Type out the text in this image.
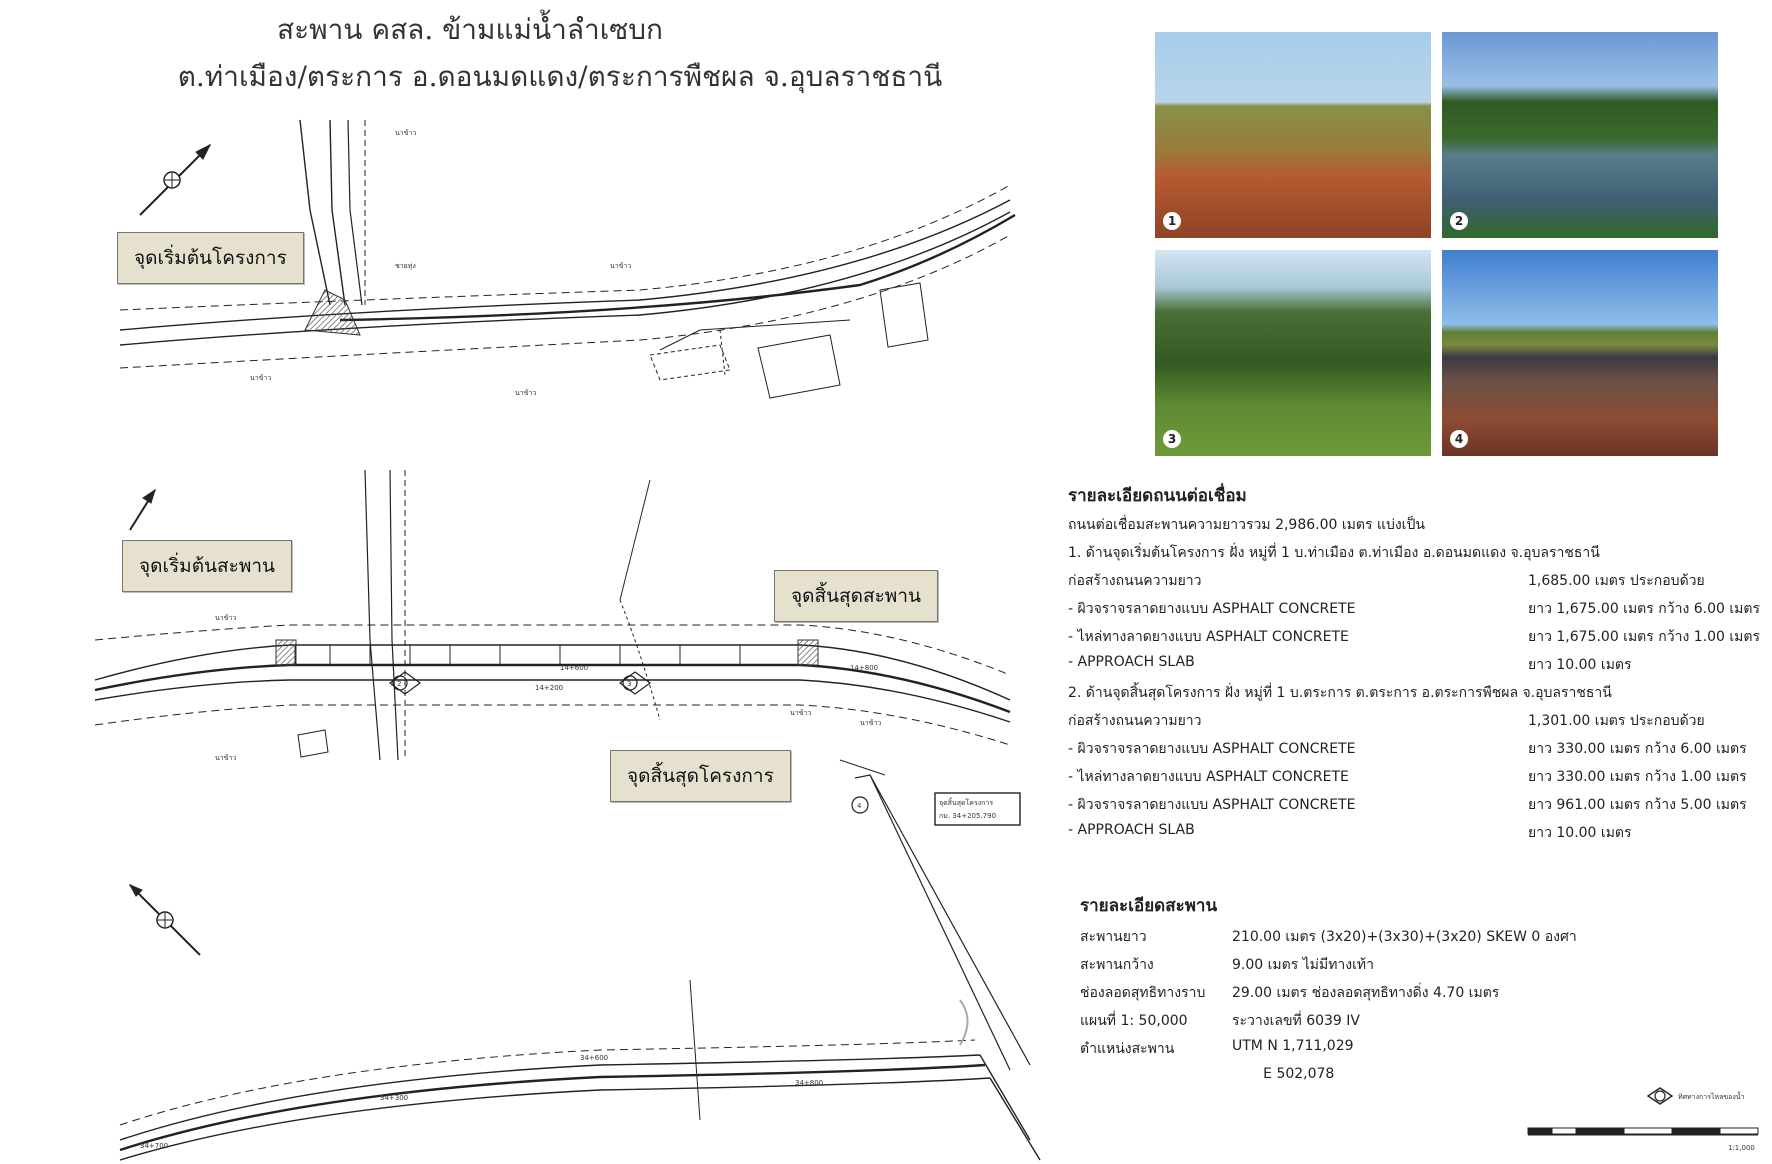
สะพาน คสล. ข้ามแม่น้ำลำเซบก
ต.ท่าเมือง/ตระการ อ.ดอนมดแดง/ตระการพืชผล จ.อุบลราชธานี
ชายทุ่ง	นาข้าว
นาข้าว
นาข้าว
นาข้าว
14+200
14+600	14+800
2	3
4	จุดสิ้นสุดโครงการ
กม. 34+205.790
นาข้าว
นาข้าว
นาข้าว
นาข้าว
34+300
34+600
34+800
34+700
ทิศทางการไหลของน้ำ
1:1,000
จุดเริ่มต้นโครงการ
จุดเริ่มต้นสะพาน
จุดสิ้นสุดสะพาน
จุดสิ้นสุดโครงการ
1	2
3	4
รายละเอียดถนนต่อเชื่อม
ถนนต่อเชื่อมสะพานความยาวรวม 2,986.00 เมตร แบ่งเป็น
1. ด้านจุดเริ่มต้นโครงการ ฝั่ง หมู่ที่ 1 บ.ท่าเมือง ต.ท่าเมือง อ.ดอนมดแดง จ.อุบลราชธานี
ก่อสร้างถนนความยาว	1,685.00 เมตร ประกอบด้วย
- ผิวจราจรลาดยางแบบ ASPHALT CONCRETE	ยาว 1,675.00 เมตร กว้าง 6.00 เมตร
- ไหล่ทางลาดยางแบบ ASPHALT CONCRETE	ยาว 1,675.00 เมตร กว้าง 1.00 เมตร
- APPROACH SLAB	ยาว 10.00 เมตร
2. ด้านจุดสิ้นสุดโครงการ ฝั่ง หมู่ที่ 1 บ.ตระการ ต.ตระการ อ.ตระการพืชผล จ.อุบลราชธานี
ก่อสร้างถนนความยาว	1,301.00 เมตร ประกอบด้วย
- ผิวจราจรลาดยางแบบ ASPHALT CONCRETE	ยาว 330.00 เมตร กว้าง 6.00 เมตร
- ไหล่ทางลาดยางแบบ ASPHALT CONCRETE	ยาว 330.00 เมตร กว้าง 1.00 เมตร
- ผิวจราจรลาดยางแบบ ASPHALT CONCRETE	ยาว 961.00 เมตร กว้าง 5.00 เมตร
- APPROACH SLAB	ยาว 10.00 เมตร
รายละเอียดสะพาน
สะพานยาว	210.00 เมตร (3x20)+(3x30)+(3x20) SKEW 0 องศา
สะพานกว้าง	9.00 เมตร ไม่มีทางเท้า
ช่องลอดสุทธิทางราบ 29.00 เมตร ช่องลอดสุทธิทางดิ่ง 4.70 เมตร
แผนที่ 1: 50,000	ระวางเลขที่ 6039 IV
ตำแหน่งสะพาน	UTM N 1,711,029
E 502,078
